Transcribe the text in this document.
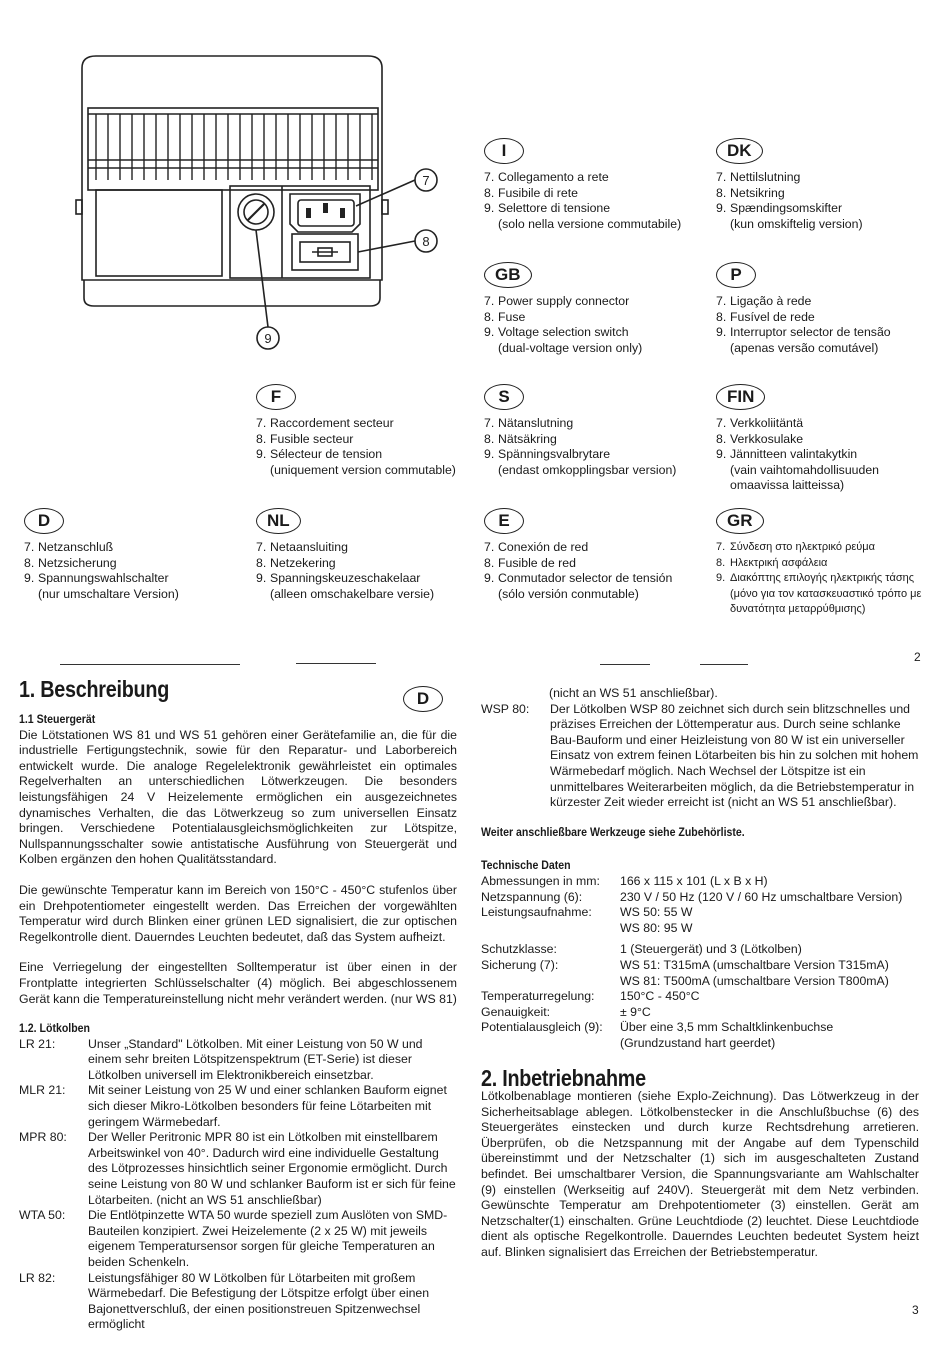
7
8
9
I
7. Collegamento a rete
8. Fusibile di rete
9. Selettore di tensione
(solo nella versione commutabile)
DK
7. Nettilslutning
8. Netsikring
9. Spændingsomskifter
(kun omskiftelig version)
GB
7. Power supply connector
8. Fuse
9. Voltage selection switch
(dual-voltage version only)
P
7. Ligação à rede
8. Fusível de rede
9. Interruptor selector de tensão
(apenas versão comutável)
F
7. Raccordement secteur
8. Fusible secteur
9. Sélecteur de tension
(uniquement version commutable)
S
7. Nätanslutning
8. Nätsäkring
9. Spänningsvalbrytare
(endast omkopplingsbar version)
FIN
7. Verkkoliitäntä
8. Verkkosulake
9. Jännitteen valintakytkin
(vain vaihtomahdollisuuden
omaavissa laitteissa)
D
7. Netzanschluß
8. Netzsicherung
9. Spannungswahlschalter
(nur umschaltare Version)
NL
7. Netaansluiting
8. Netzekering
9. Spanningskeuzeschakelaar
(alleen omschakelbare versie)
E
7. Conexión de red
8. Fusible de red
9. Conmutador selector de tensión
(sólo versión conmutable)
GR
7. Σύνδεση στο ηλεκτρικό ρεύμα
8. Ηλεκτρική ασφάλεια
9. Διακόπτης επιλογής ηλεκτρικής τάσης
(μόνο για τον κατασκευαστικό τρόπο με
δυνατότητα μεταρρύθμισης)
2
1. Beschreibung	D
1.1 Steuergerät

Die Lötstationen WS 81 und WS 51 gehören einer Gerätefamilie an, die für die industrielle Fertigungstechnik, sowie für den Reparatur- und Laborbereich entwickelt wurde. Die analoge Regelelektronik gewährleistet ein optimales Regelverhalten an unterschiedlichen Lötwerkzeugen. Die besonders leistungsfähigen 24 V Heizelemente ermöglichen ein ausgezeichnetes dynamisches Verhalten, die das Lötwerkzeug so zum universellen Einsatz bringen. Verschiedene Potentialausgleichsmöglichkeiten zur Lötspitze, Nullspannungsschalter sowie antistatische Ausführung von Steuergerät und Kolben ergänzen den hohen Qualitätsstandard.

Die gewünschte Temperatur kann im Bereich von 150°C - 450°C stufenlos über ein Drehpotentiometer eingestellt werden. Das Erreichen der vorgewählten Temperatur wird durch Blinken einer grünen LED signalisiert, die zur optischen Regelkontrolle dient. Dauerndes Leuchten bedeutet, daß das System aufheizt.

Eine Verriegelung der eingestellten Solltemperatur ist über einen in der Frontplatte integrierten Schlüsselschalter (4) möglich. Bei abgeschlossenem Gerät kann die Temperatureinstellung nicht mehr verändert werden. (nur WS 81)

1.2. Lötkolben
LR 21:	Unser „Standard" Lötkolben. Mit einer Leistung von 50 W und einem sehr breiten Lötspitzenspektrum (ET-Serie) ist dieser Lötkolben universell im Elektronikbereich einsetzbar.
MLR 21:	Mit seiner Leistung von 25 W und einer schlanken Bauform eignet sich dieser Mikro-Lötkolben besonders für feine Lötarbeiten mit geringem Wärmebedarf.
MPR 80:	Der Weller Peritronic MPR 80 ist ein Lötkolben mit einstellbarem Arbeitswinkel von 40°. Dadurch wird eine individuelle Gestaltung des Lötprozesses hinsichtlich seiner Ergonomie ermöglicht. Durch seine Leistung von 80 W und schlanker Bauform ist er sich für feine Lötarbeiten. (nicht an WS 51 anschließbar)
WTA 50:	Die Entlötpinzette WTA 50 wurde speziell zum Auslöten von SMD-Bauteilen konzipiert. Zwei Heizelemente (2 x 25 W) mit jeweils eigenem Temperatursensor sorgen für gleiche Temperaturen an beiden Schenkeln.
LR 82:	Leistungsfähiger 80 W Lötkolben für Lötarbeiten mit großem Wärmebedarf. Die Befestigung der Lötspitze erfolgt über einen Bajonettverschluß, der einen positionstreuen Spitzenwechsel ermöglicht
(nicht an WS 51 anschließbar).
WSP 80:	Der Lötkolben WSP 80 zeichnet sich durch sein blitzschnelles und präzises Erreichen der Löttemperatur aus. Durch seine schlanke Bau-Bauform und einer Heizleistung von 80 W ist ein universeller Einsatz von extrem feinen Lötarbeiten bis hin zu solchen mit hohem Wärmebedarf möglich. Nach Wechsel der Lötspitze ist ein unmittelbares Weiterarbeiten möglich, da die Betriebstemperatur in kürzester Zeit wieder erreicht ist (nicht an WS 51 anschließbar).
Weiter anschließbare Werkzeuge siehe Zubehörliste.
Technische Daten
Abmessungen in mm:	166 x 115 x 101 (L x B x H)
Netzspannung (6):	230 V / 50 Hz (120 V / 60 Hz umschaltbare Version)
Leistungsaufnahme:	WS 50: 55 W
WS 80: 95 W
Schutzklasse:	1 (Steuergerät) und 3 (Lötkolben)
Sicherung (7):	WS 51: T315mA (umschaltbare Version T315mA)
WS 81: T500mA (umschaltbare Version T800mA)
Temperaturregelung:	150°C - 450°C
Genauigkeit:	± 9°C
Potentialausgleich (9):	Über eine 3,5 mm Schaltklinkenbuchse
(Grundzustand hart geerdet)
2. Inbetriebnahme

Lötkolbenablage montieren (siehe Explo-Zeichnung). Das Lötwerkzeug in der Sicherheitsablage ablegen. Lötkolbenstecker in die Anschlußbuchse (6) des Steuergerätes einstecken und durch kurze Rechtsdrehung arretieren. Überprüfen, ob die Netzspannung mit der Angabe auf dem Typenschild übereinstimmt und der Netzschalter (1) sich im ausgeschalteten Zustand befindet. Bei umschaltbarer Version, die Spannungsvariante am Wahlschalter (9) einstellen (Werkseitig auf 240V). Steuergerät mit dem Netz verbinden. Gewünschte Temperatur am Drehpotentiometer (3) einstellen. Gerät am Netzschalter(1) einschalten. Grüne Leuchtdiode (2) leuchtet. Diese Leuchtdiode dient als optische Regelkontrolle. Dauerndes Leuchten bedeutet System heizt auf. Blinken signalisiert das Erreichen der Betriebstemperatur.

3
